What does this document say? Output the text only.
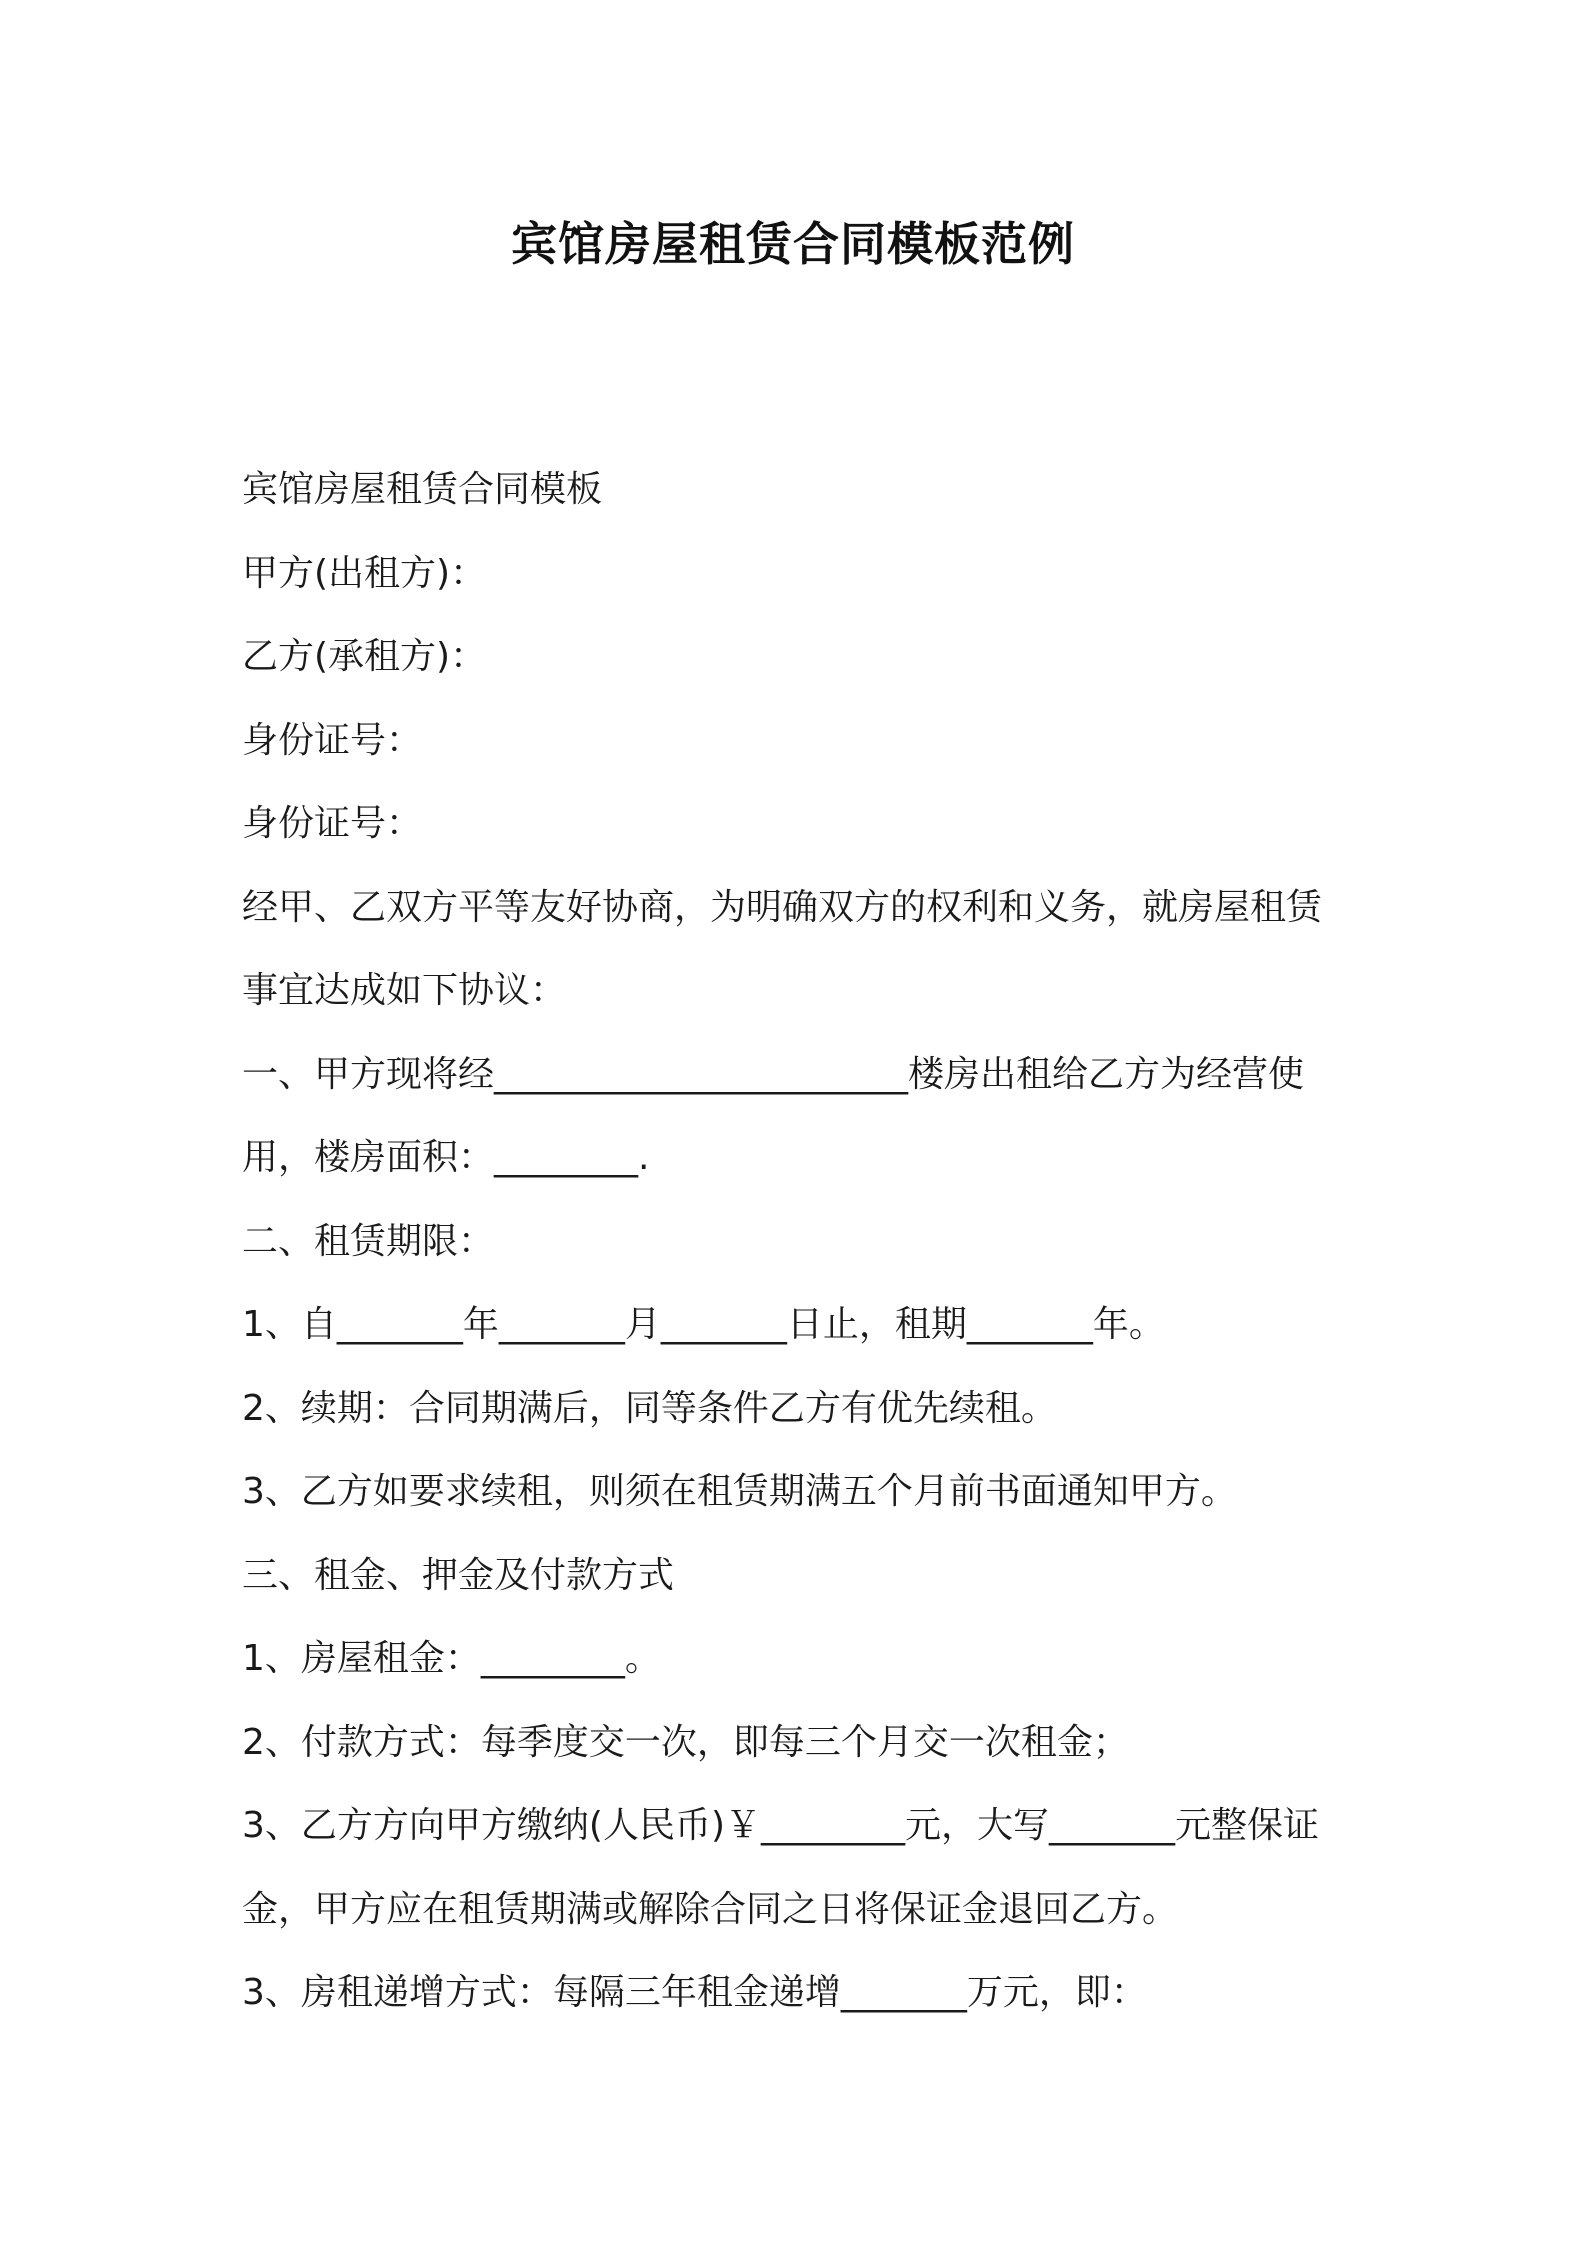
宾馆房屋租赁合同模板范例
宾馆房屋租赁合同模板
甲方(出租方)：
乙方(承租方)：
身份证号：
身份证号：
经甲、乙双方平等友好协商，为明确双方的权利和义务，就房屋租赁
事宜达成如下协议：
一、甲方现将经_______________________楼房出租给乙方为经营使
用，楼房面积：________.
二、租赁期限：
1、自_______年_______月_______日止，租期_______年。
2、续期：合同期满后，同等条件乙方有优先续租。
3、乙方如要求续租，则须在租赁期满五个月前书面通知甲方。
三、租金、押金及付款方式
1、房屋租金：________。
2、付款方式：每季度交一次，即每三个月交一次租金；
3、乙方方向甲方缴纳(人民币)￥________元，大写_______元整保证
金，甲方应在租赁期满或解除合同之日将保证金退回乙方。
3、房租递增方式：每隔三年租金递增_______万元，即：
